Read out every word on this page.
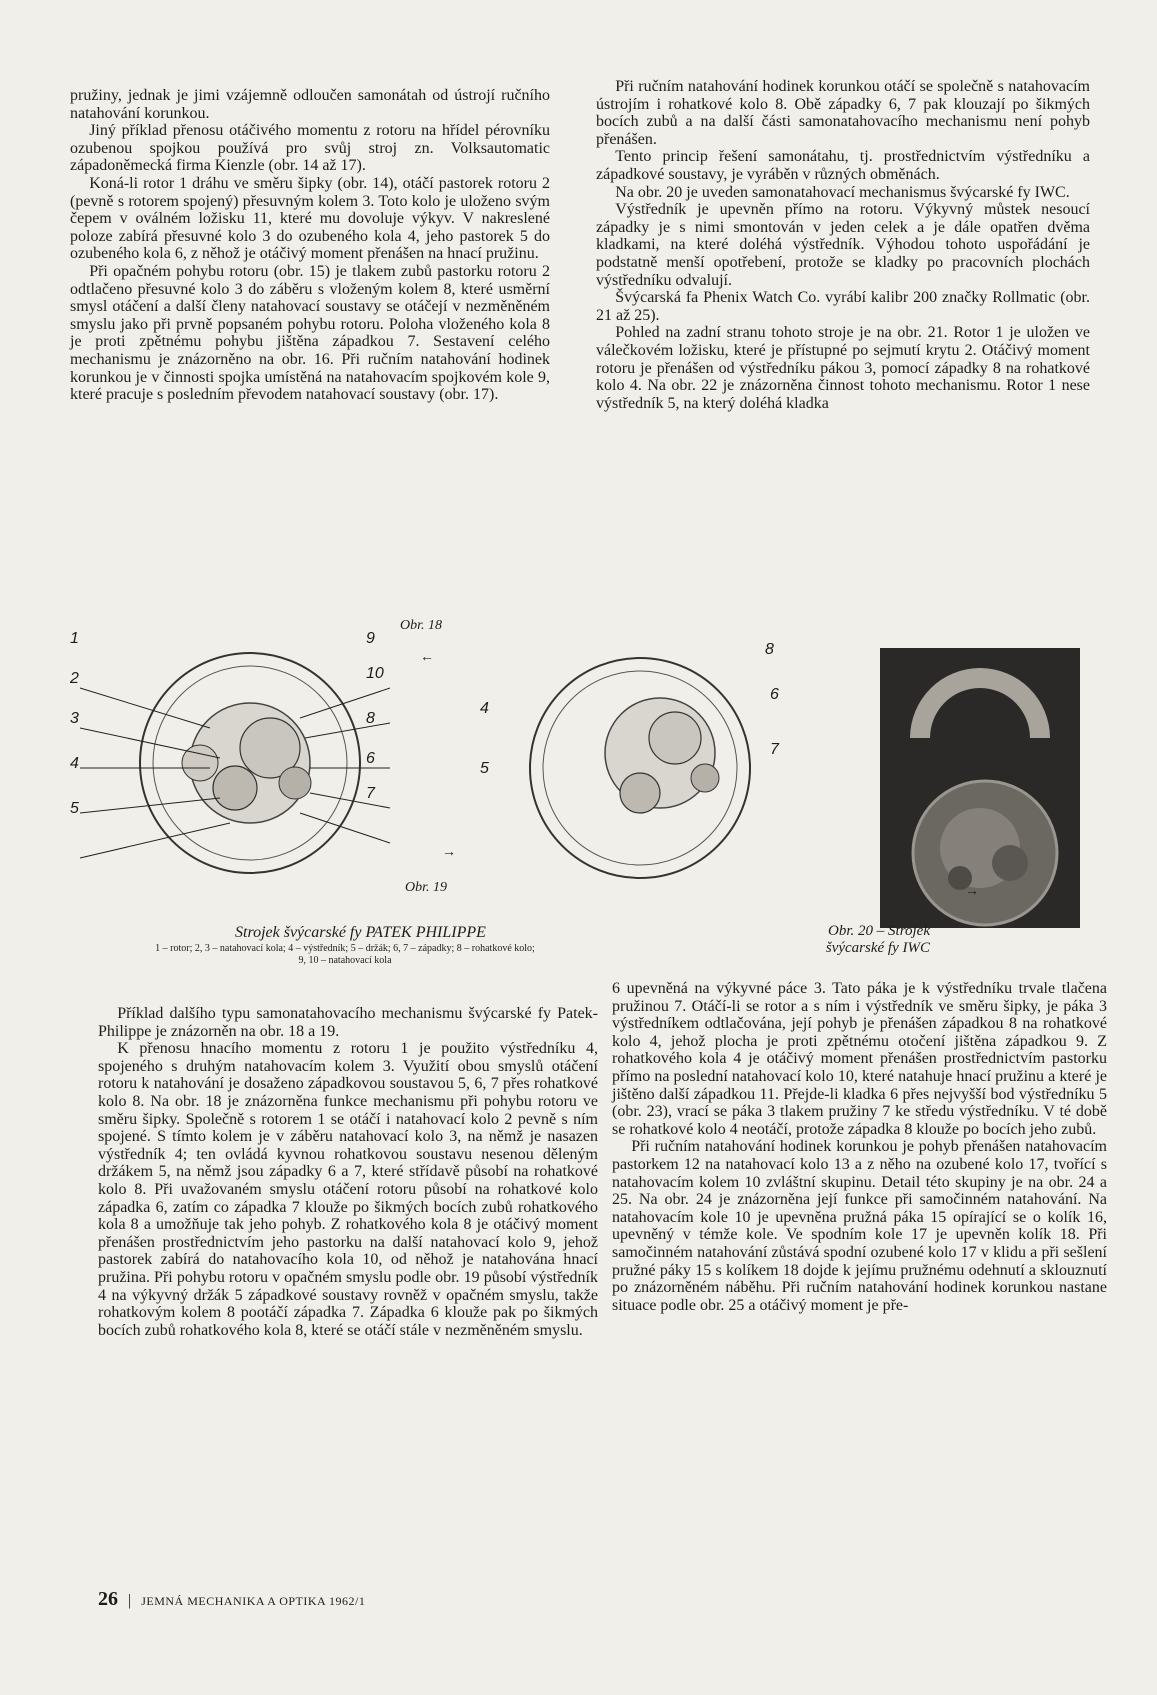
pružiny, jednak je jimi vzájemně odloučen samonátah od ústrojí ručního natahování korunkou.

Jiný příklad přenosu otáčivého momentu z rotoru na hřídel pérovníku ozubenou spojkou používá pro svůj stroj zn. Volksautomatic západoněmecká firma Kienzle (obr. 14 až 17).

Koná-li rotor 1 dráhu ve směru šipky (obr. 14), otáčí pastorek rotoru 2 (pevně s rotorem spojený) přesuvným kolem 3. Toto kolo je uloženo svým čepem v oválném ložisku 11, které mu dovoluje výkyv. V nakreslené poloze zabírá přesuvné kolo 3 do ozubeného kola 4, jeho pastorek 5 do ozubeného kola 6, z něhož je otáčivý moment přenášen na hnací pružinu.

Při opačném pohybu rotoru (obr. 15) je tlakem zubů pastorku rotoru 2 odtlačeno přesuvné kolo 3 do záběru s vloženým kolem 8, které usměrní smysl otáčení a další členy natahovací soustavy se otáčejí v nezměněném smyslu jako při prvně popsaném pohybu rotoru. Poloha vloženého kola 8 je proti zpětnému pohybu jištěna západkou 7. Sestavení celého mechanismu je znázorněno na obr. 16. Při ručním natahování hodinek korunkou je v činnosti spojka umístěná na natahovacím spojkovém kole 9, které pracuje s posledním převodem natahovací soustavy (obr. 17).

Při ručním natahování hodinek korunkou otáčí se společně s natahovacím ústrojím i rohatkové kolo 8. Obě západky 6, 7 pak klouzají po šikmých bocích zubů a na další části samonatahovacího mechanismu není pohyb přenášen.

Tento princip řešení samonátahu, tj. prostřednictvím výstředníku a západkové soustavy, je vyráběn v různých obměnách.

Na obr. 20 je uveden samonatahovací mechanismus švýcarské fy IWC.

Výstředník je upevněn přímo na rotoru. Výkyvný můstek nesoucí západky je s nimi smontován v jeden celek a je dále opatřen dvěma kladkami, na které doléhá výstředník. Výhodou tohoto uspořádání je podstatně menší opotřebení, protože se kladky po pracovních plochách výstředníku odvalují.

Švýcarská fa Phenix Watch Co. vyrábí kalibr 200 značky Rollmatic (obr. 21 až 25).

Pohled na zadní stranu tohoto stroje je na obr. 21. Rotor 1 je uložen ve válečkovém ložisku, které je přístupné po sejmutí krytu 2. Otáčivý moment rotoru je přenášen od výstředníku pákou 3, pomocí západky 8 na rohatkové kolo 4. Na obr. 22 je znázorněna činnost tohoto mechanismu. Rotor 1 nese výstředník 5, na který doléhá kladka

1
2
3
4
5
9
10
8
6
7
Obr. 18
←
→
Obr. 19
8
6
7
4
5
→
Strojek švýcarské fy PATEK PHILIPPE
1 – rotor; 2, 3 – natahovací kola; 4 – výstředník; 5 – držák; 6, 7 – západky; 8 – rohatkové kolo;
9, 10 – natahovací kola
Obr. 20 – Strojek
švýcarské fy IWC

Příklad dalšího typu samonatahovacího mechanismu švýcarské fy Patek-Philippe je znázorněn na obr. 18 a 19.

K přenosu hnacího momentu z rotoru 1 je použito výstředníku 4, spojeného s druhým natahovacím kolem 3. Využití obou smyslů otáčení rotoru k natahování je dosaženo západkovou soustavou 5, 6, 7 přes rohatkové kolo 8. Na obr. 18 je znázorněna funkce mechanismu při pohybu rotoru ve směru šipky. Společně s rotorem 1 se otáčí i natahovací kolo 2 pevně s ním spojené. S tímto kolem je v záběru natahovací kolo 3, na němž je nasazen výstředník 4; ten ovládá kyvnou rohatkovou soustavu nesenou děleným držákem 5, na němž jsou západky 6 a 7, které střídavě působí na rohatkové kolo 8. Při uvažovaném smyslu otáčení rotoru působí na rohatkové kolo západka 6, zatím co západka 7 klouže po šikmých bocích zubů rohatkového kola 8 a umožňuje tak jeho pohyb. Z rohatkového kola 8 je otáčivý moment přenášen prostřednictvím jeho pastorku na další natahovací kolo 9, jehož pastorek zabírá do natahovacího kola 10, od něhož je natahována hnací pružina. Při pohybu rotoru v opačném smyslu podle obr. 19 působí výstředník 4 na výkyvný držák 5 západkové soustavy rovněž v opačném smyslu, takže rohatkovým kolem 8 pootáčí západka 7. Západka 6 klouže pak po šikmých bocích zubů rohatkového kola 8, které se otáčí stále v nezměněném smyslu.

6 upevněná na výkyvné páce 3. Tato páka je k výstředníku trvale tlačena pružinou 7. Otáčí-li se rotor a s ním i výstředník ve směru šipky, je páka 3 výstředníkem odtlačována, její pohyb je přenášen západkou 8 na rohatkové kolo 4, jehož plocha je proti zpětnému otočení jištěna západkou 9. Z rohatkového kola 4 je otáčivý moment přenášen prostřednictvím pastorku přímo na poslední natahovací kolo 10, které natahuje hnací pružinu a které je jištěno další západkou 11. Přejde-li kladka 6 přes nejvyšší bod výstředníku 5 (obr. 23), vrací se páka 3 tlakem pružiny 7 ke středu výstředníku. V té době se rohatkové kolo 4 neotáčí, protože západka 8 klouže po bocích jeho zubů.

Při ručním natahování hodinek korunkou je pohyb přenášen natahovacím pastorkem 12 na natahovací kolo 13 a z něho na ozubené kolo 17, tvořící s natahovacím kolem 10 zvláštní skupinu. Detail této skupiny je na obr. 24 a 25. Na obr. 24 je znázorněna její funkce při samočinném natahování. Na natahovacím kole 10 je upevněna pružná páka 15 opírající se o kolík 16, upevněný v témže kole. Ve spodním kole 17 je upevněn kolík 18. Při samočinném natahování zůstává spodní ozubené kolo 17 v klidu a při sešlení pružné páky 15 s kolíkem 18 dojde k jejímu pružnému odehnutí a sklouznutí po znázorněném náběhu. Při ručním natahování hodinek korunkou nastane situace podle obr. 25 a otáčivý moment je pře-

26 | JEMNÁ MECHANIKA A OPTIKA 1962/1
